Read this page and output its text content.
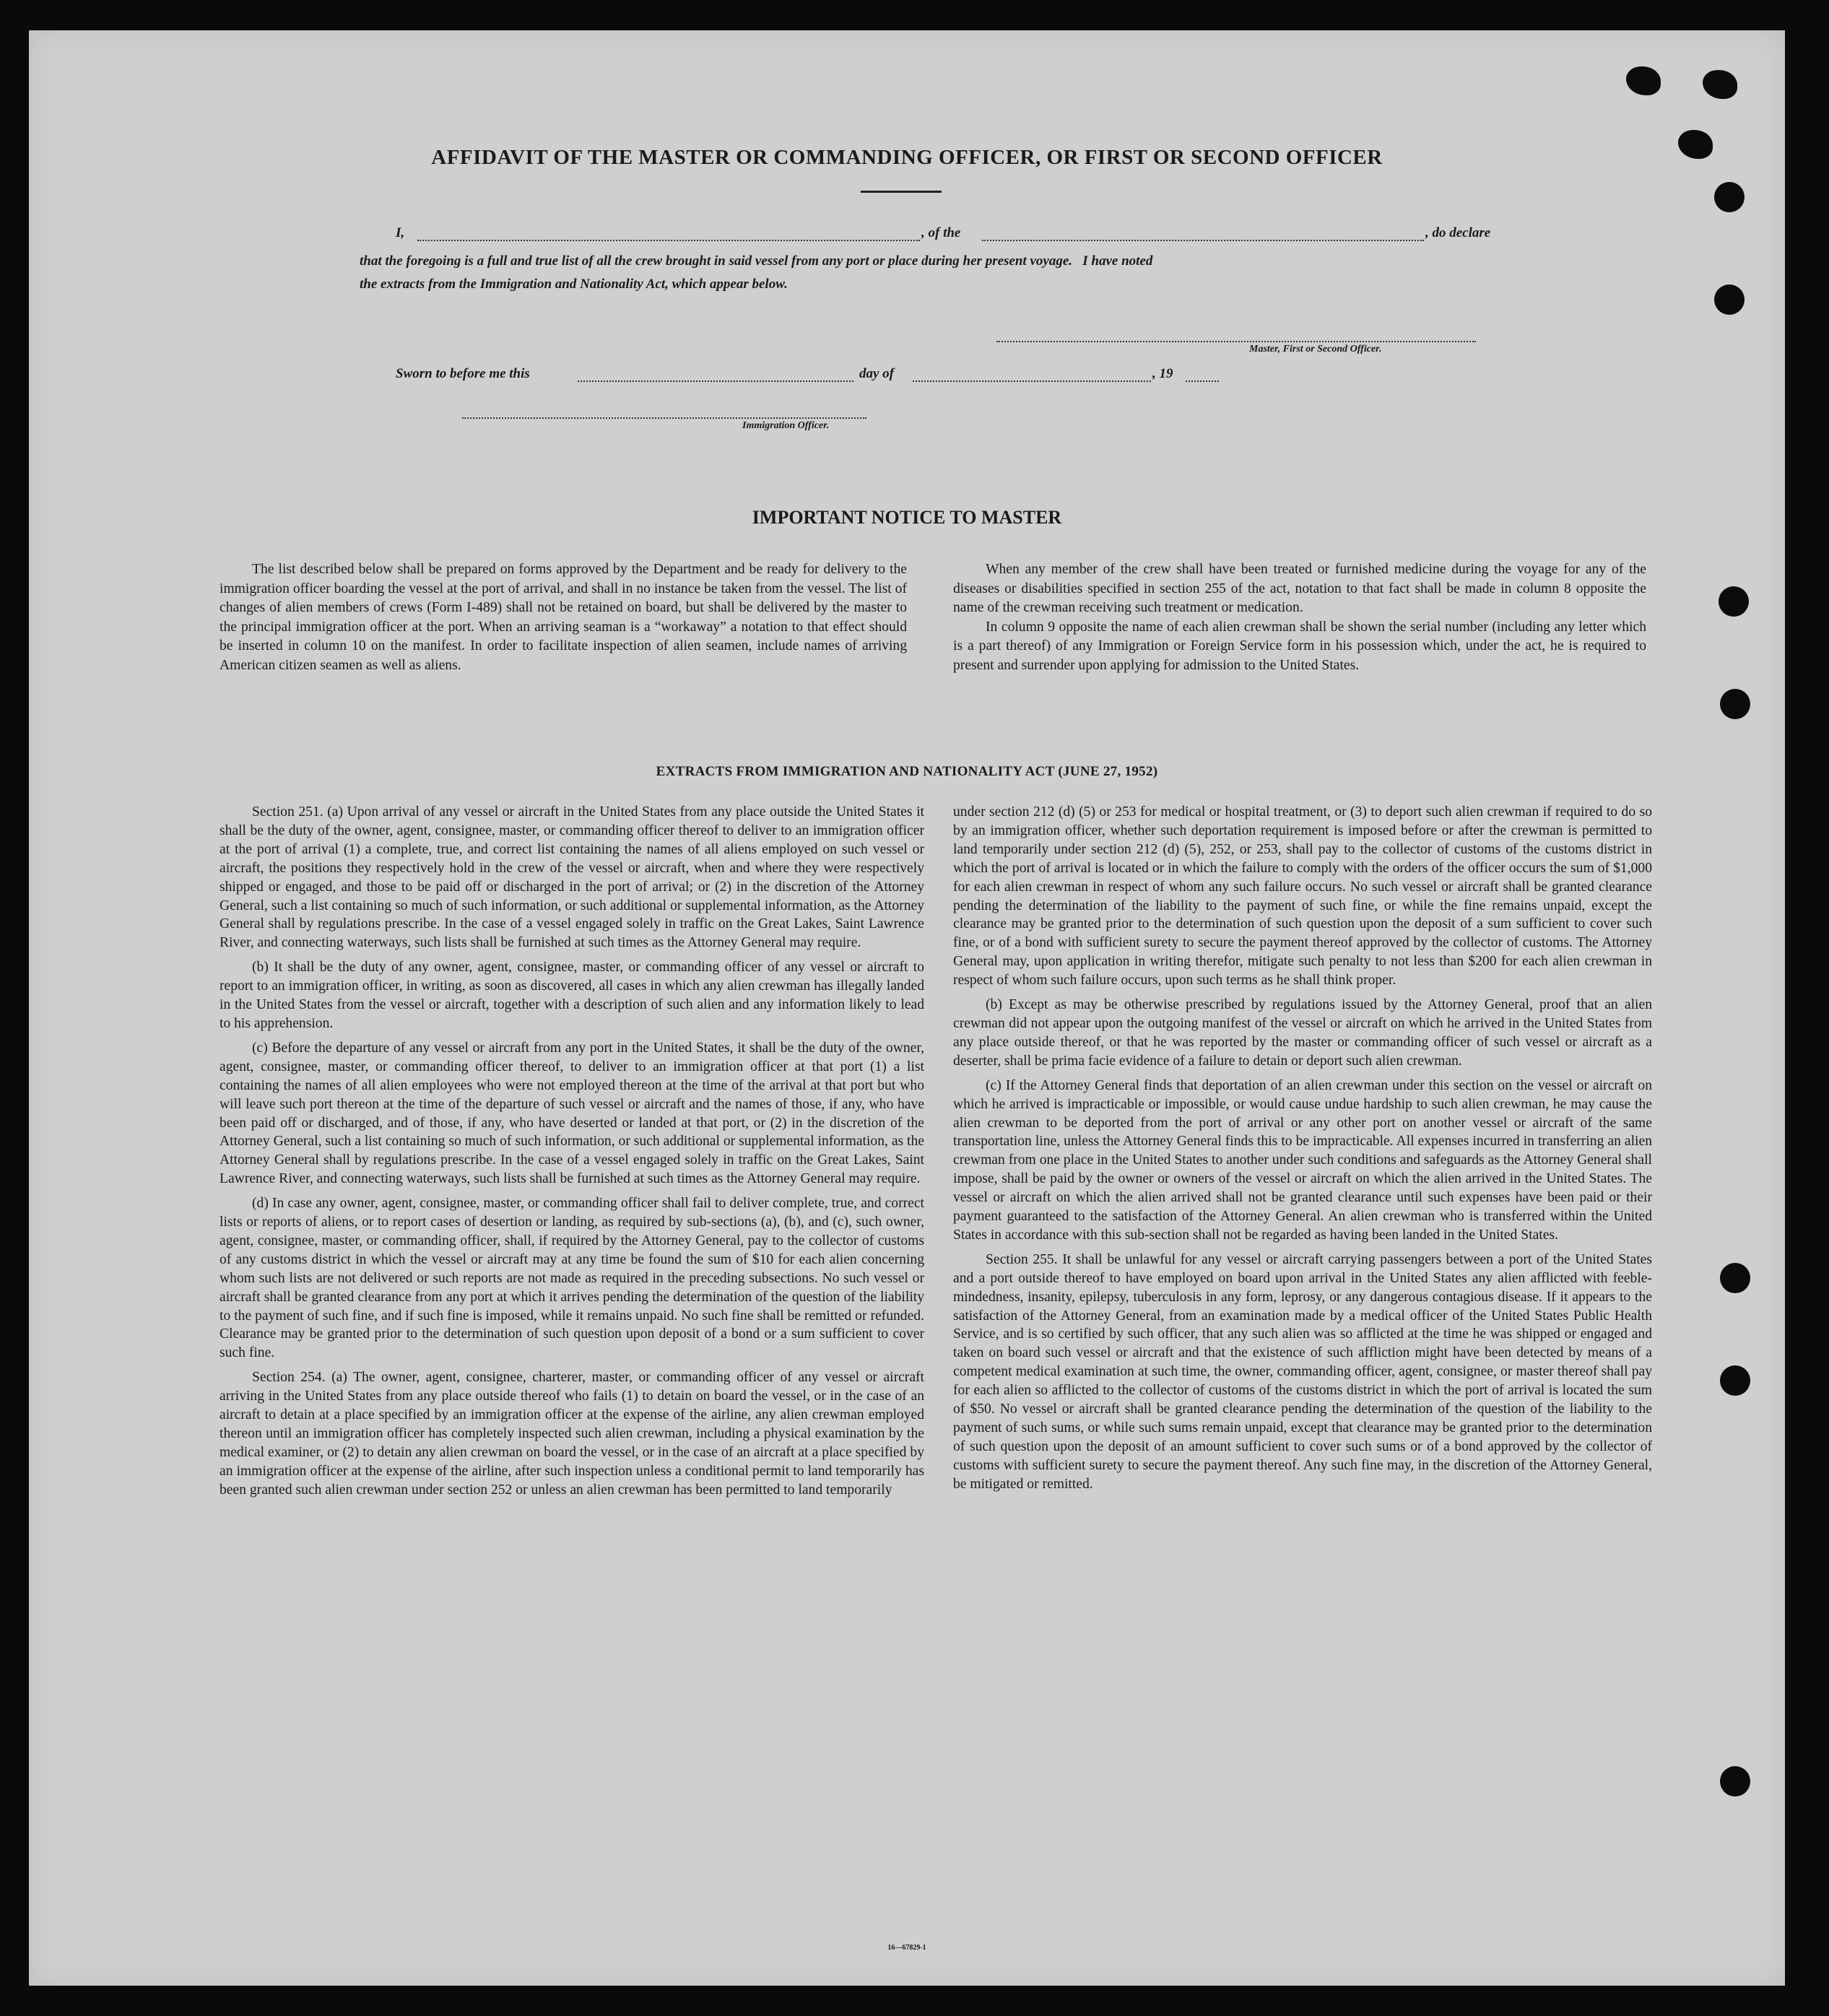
AFFIDAVIT OF THE MASTER OR COMMANDING OFFICER, OR FIRST OR SECOND OFFICER
I,	, of the	, do declare
that the foregoing is a full and true list of all the crew brought in said vessel from any port or place during her present voyage.   I have noted
the extracts from the Immigration and Nationality Act, which appear below.
Master, First or Second Officer.
Sworn to before me this	day of	, 19
Immigration Officer.
IMPORTANT NOTICE TO MASTER

The list described below shall be prepared on forms approved by the Department and be ready for delivery to the immigration officer boarding the vessel at the port of arrival, and shall in no instance be taken from the vessel. The list of changes of alien members of crews (Form I-489) shall not be retained on board, but shall be delivered by the master to the principal immigration officer at the port. When an arriving seaman is a “workaway” a notation to that effect should be inserted in column 10 on the manifest. In order to facilitate inspection of alien seamen, include names of arriving American citizen seamen as well as aliens.

When any member of the crew shall have been treated or furnished medicine during the voyage for any of the diseases or disabilities specified in section 255 of the act, notation to that fact shall be made in column 8 opposite the name of the crewman receiving such treatment or medication.

In column 9 opposite the name of each alien crewman shall be shown the serial number (including any letter which is a part thereof) of any Immigration or Foreign Service form in his possession which, under the act, he is required to present and surrender upon applying for admission to the United States.

EXTRACTS FROM IMMIGRATION AND NATIONALITY ACT (JUNE 27, 1952)

Section 251. (a) Upon arrival of any vessel or aircraft in the United States from any place outside the United States it shall be the duty of the owner, agent, consignee, master, or commanding officer thereof to deliver to an immigration officer at the port of arrival (1) a complete, true, and correct list containing the names of all aliens employed on such vessel or aircraft, the positions they respectively hold in the crew of the vessel or aircraft, when and where they were respectively shipped or engaged, and those to be paid off or discharged in the port of arrival; or (2) in the discretion of the Attorney General, such a list containing so much of such information, or such additional or supplemental information, as the Attorney General shall by regulations prescribe. In the case of a vessel engaged solely in traffic on the Great Lakes, Saint Lawrence River, and connecting waterways, such lists shall be furnished at such times as the Attorney General may require.

(b) It shall be the duty of any owner, agent, consignee, master, or commanding officer of any vessel or aircraft to report to an immigration officer, in writing, as soon as discovered, all cases in which any alien crewman has illegally landed in the United States from the vessel or aircraft, together with a description of such alien and any information likely to lead to his apprehension.

(c) Before the departure of any vessel or aircraft from any port in the United States, it shall be the duty of the owner, agent, consignee, master, or commanding officer thereof, to deliver to an immigration officer at that port (1) a list containing the names of all alien employees who were not employed thereon at the time of the arrival at that port but who will leave such port thereon at the time of the departure of such vessel or aircraft and the names of those, if any, who have been paid off or discharged, and of those, if any, who have deserted or landed at that port, or (2) in the discretion of the Attorney General, such a list containing so much of such information, or such additional or supplemental information, as the Attorney General shall by regulations prescribe. In the case of a vessel engaged solely in traffic on the Great Lakes, Saint Lawrence River, and connecting waterways, such lists shall be furnished at such times as the Attorney General may require.

(d) In case any owner, agent, consignee, master, or commanding officer shall fail to deliver complete, true, and correct lists or reports of aliens, or to report cases of desertion or landing, as required by sub-sections (a), (b), and (c), such owner, agent, consignee, master, or commanding officer, shall, if required by the Attorney General, pay to the collector of customs of any customs district in which the vessel or aircraft may at any time be found the sum of $10 for each alien concerning whom such lists are not delivered or such reports are not made as required in the preceding subsections. No such vessel or aircraft shall be granted clearance from any port at which it arrives pending the determination of the question of the liability to the payment of such fine, and if such fine is imposed, while it remains unpaid. No such fine shall be remitted or refunded. Clearance may be granted prior to the determination of such question upon deposit of a bond or a sum sufficient to cover such fine.

Section 254. (a) The owner, agent, consignee, charterer, master, or commanding officer of any vessel or aircraft arriving in the United States from any place outside thereof who fails (1) to detain on board the vessel, or in the case of an aircraft to detain at a place specified by an immigration officer at the expense of the airline, any alien crewman employed thereon until an immigration officer has completely inspected such alien crewman, including a physical examination by the medical examiner, or (2) to detain any alien crewman on board the vessel, or in the case of an aircraft at a place specified by an immigration officer at the expense of the airline, after such inspection unless a conditional permit to land temporarily has been granted such alien crewman under section 252 or unless an alien crewman has been permitted to land temporarily

under section 212 (d) (5) or 253 for medical or hospital treatment, or (3) to deport such alien crewman if required to do so by an immigration officer, whether such deportation requirement is imposed before or after the crewman is permitted to land temporarily under section 212 (d) (5), 252, or 253, shall pay to the collector of customs of the customs district in which the port of arrival is located or in which the failure to comply with the orders of the officer occurs the sum of $1,000 for each alien crewman in respect of whom any such failure occurs. No such vessel or aircraft shall be granted clearance pending the determination of the liability to the payment of such fine, or while the fine remains unpaid, except the clearance may be granted prior to the determination of such question upon the deposit of a sum sufficient to cover such fine, or of a bond with sufficient surety to secure the payment thereof approved by the collector of customs. The Attorney General may, upon application in writing therefor, mitigate such penalty to not less than $200 for each alien crewman in respect of whom such failure occurs, upon such terms as he shall think proper.

(b) Except as may be otherwise prescribed by regulations issued by the Attorney General, proof that an alien crewman did not appear upon the outgoing manifest of the vessel or aircraft on which he arrived in the United States from any place outside thereof, or that he was reported by the master or commanding officer of such vessel or aircraft as a deserter, shall be prima facie evidence of a failure to detain or deport such alien crewman.

(c) If the Attorney General finds that deportation of an alien crewman under this section on the vessel or aircraft on which he arrived is impracticable or impossible, or would cause undue hardship to such alien crewman, he may cause the alien crewman to be deported from the port of arrival or any other port on another vessel or aircraft of the same transportation line, unless the Attorney General finds this to be impracticable. All expenses incurred in transferring an alien crewman from one place in the United States to another under such conditions and safeguards as the Attorney General shall impose, shall be paid by the owner or owners of the vessel or aircraft on which the alien arrived in the United States. The vessel or aircraft on which the alien arrived shall not be granted clearance until such expenses have been paid or their payment guaranteed to the satisfaction of the Attorney General. An alien crewman who is transferred within the United States in accordance with this sub-section shall not be regarded as having been landed in the United States.

Section 255. It shall be unlawful for any vessel or aircraft carrying passengers between a port of the United States and a port outside thereof to have employed on board upon arrival in the United States any alien afflicted with feeble-mindedness, insanity, epilepsy, tuberculosis in any form, leprosy, or any dangerous contagious disease. If it appears to the satisfaction of the Attorney General, from an examination made by a medical officer of the United States Public Health Service, and is so certified by such officer, that any such alien was so afflicted at the time he was shipped or engaged and taken on board such vessel or aircraft and that the existence of such affliction might have been detected by means of a competent medical examination at such time, the owner, commanding officer, agent, consignee, or master thereof shall pay for each alien so afflicted to the collector of customs of the customs district in which the port of arrival is located the sum of $50. No vessel or aircraft shall be granted clearance pending the determination of the question of the liability to the payment of such sums, or while such sums remain unpaid, except that clearance may be granted prior to the determination of such question upon the deposit of an amount sufficient to cover such sums or of a bond approved by the collector of customs with sufficient surety to secure the payment thereof. Any such fine may, in the discretion of the Attorney General, be mitigated or remitted.

16—67829-1
